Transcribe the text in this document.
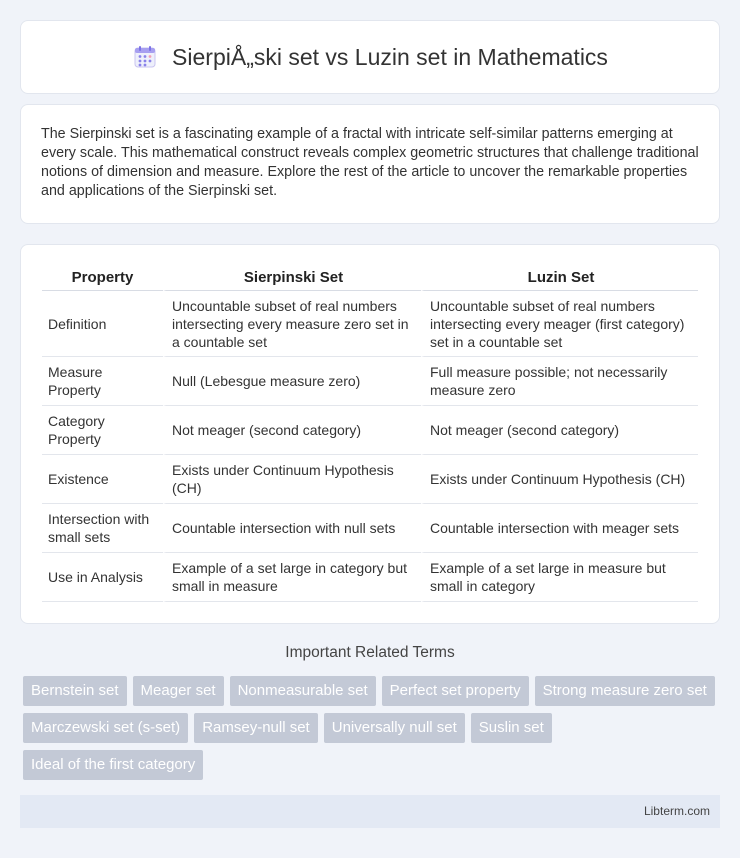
SierpiÅ„ski set vs Luzin set in Mathematics

The Sierpinski set is a fascinating example of a fractal with intricate self-similar patterns emerging at every scale. This mathematical construct reveals complex geometric structures that challenge traditional notions of dimension and measure. Explore the rest of the article to uncover the remarkable properties and applications of the Sierpinski set.

Property	Sierpinski Set	Luzin Set
Definition	Uncountable subset of real numbers intersecting every measure zero set in a countable set	Uncountable subset of real numbers intersecting every meager (first category) set in a countable set
Measure Property	Null (Lebesgue measure zero)	Full measure possible; not necessarily measure zero
Category Property	Not meager (second category)	Not meager (second category)
Existence	Exists under Continuum Hypothesis (CH)	Exists under Continuum Hypothesis (CH)
Intersection with small sets	Countable intersection with null sets	Countable intersection with meager sets
Use in Analysis	Example of a set large in category but small in measure	Example of a set large in measure but small in category
Important Related Terms
Bernstein set	Meager set	Nonmeasurable set	Perfect set property	Strong measure zero set
Marczewski set (s-set)	Ramsey-null set	Universally null set	Suslin set
Ideal of the first category
Libterm.com
